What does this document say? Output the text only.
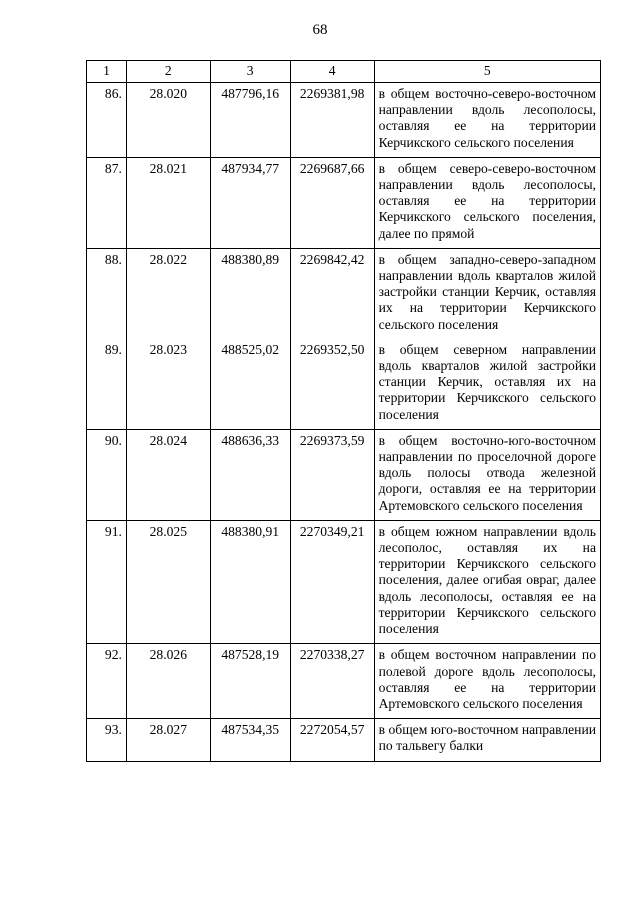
68
1	2	3	4	5
86.	28.020	487796,16	2269381,98	в общем восточно-северо-восточном направлении вдоль лесополосы, оставляя ее на территории Керчикского сельского поселения
87.	28.021	487934,77	2269687,66	в общем северо-северо-восточном направлении вдоль лесополосы, оставляя ее на территории Керчикского сельского поселения, далее по прямой
88.	28.022	488380,89	2269842,42	в общем западно-северо-западном направлении вдоль кварталов жилой застройки станции Керчик, оставляя их на территории Керчикского сельского поселения
89.	28.023	488525,02	2269352,50	в общем северном направлении вдоль кварталов жилой застройки станции Керчик, оставляя их на территории Керчикского сельского поселения
90.	28.024	488636,33	2269373,59	в общем восточно-юго-восточном направлении по проселочной дороге вдоль полосы отвода железной дороги, оставляя ее на территории Артемовского сельского поселения
91.	28.025	488380,91	2270349,21	в общем южном направлении вдоль лесополос, оставляя их на территории Керчикского сельского поселения, далее огибая овраг, далее вдоль лесополосы, оставляя ее на территории Керчикского сельского поселения
92.	28.026	487528,19	2270338,27	в общем восточном направлении по полевой дороге вдоль лесополосы, оставляя ее на территории Артемовского сельского поселения
93.	28.027	487534,35	2272054,57	в общем юго-восточном направлении по тальвегу балки
